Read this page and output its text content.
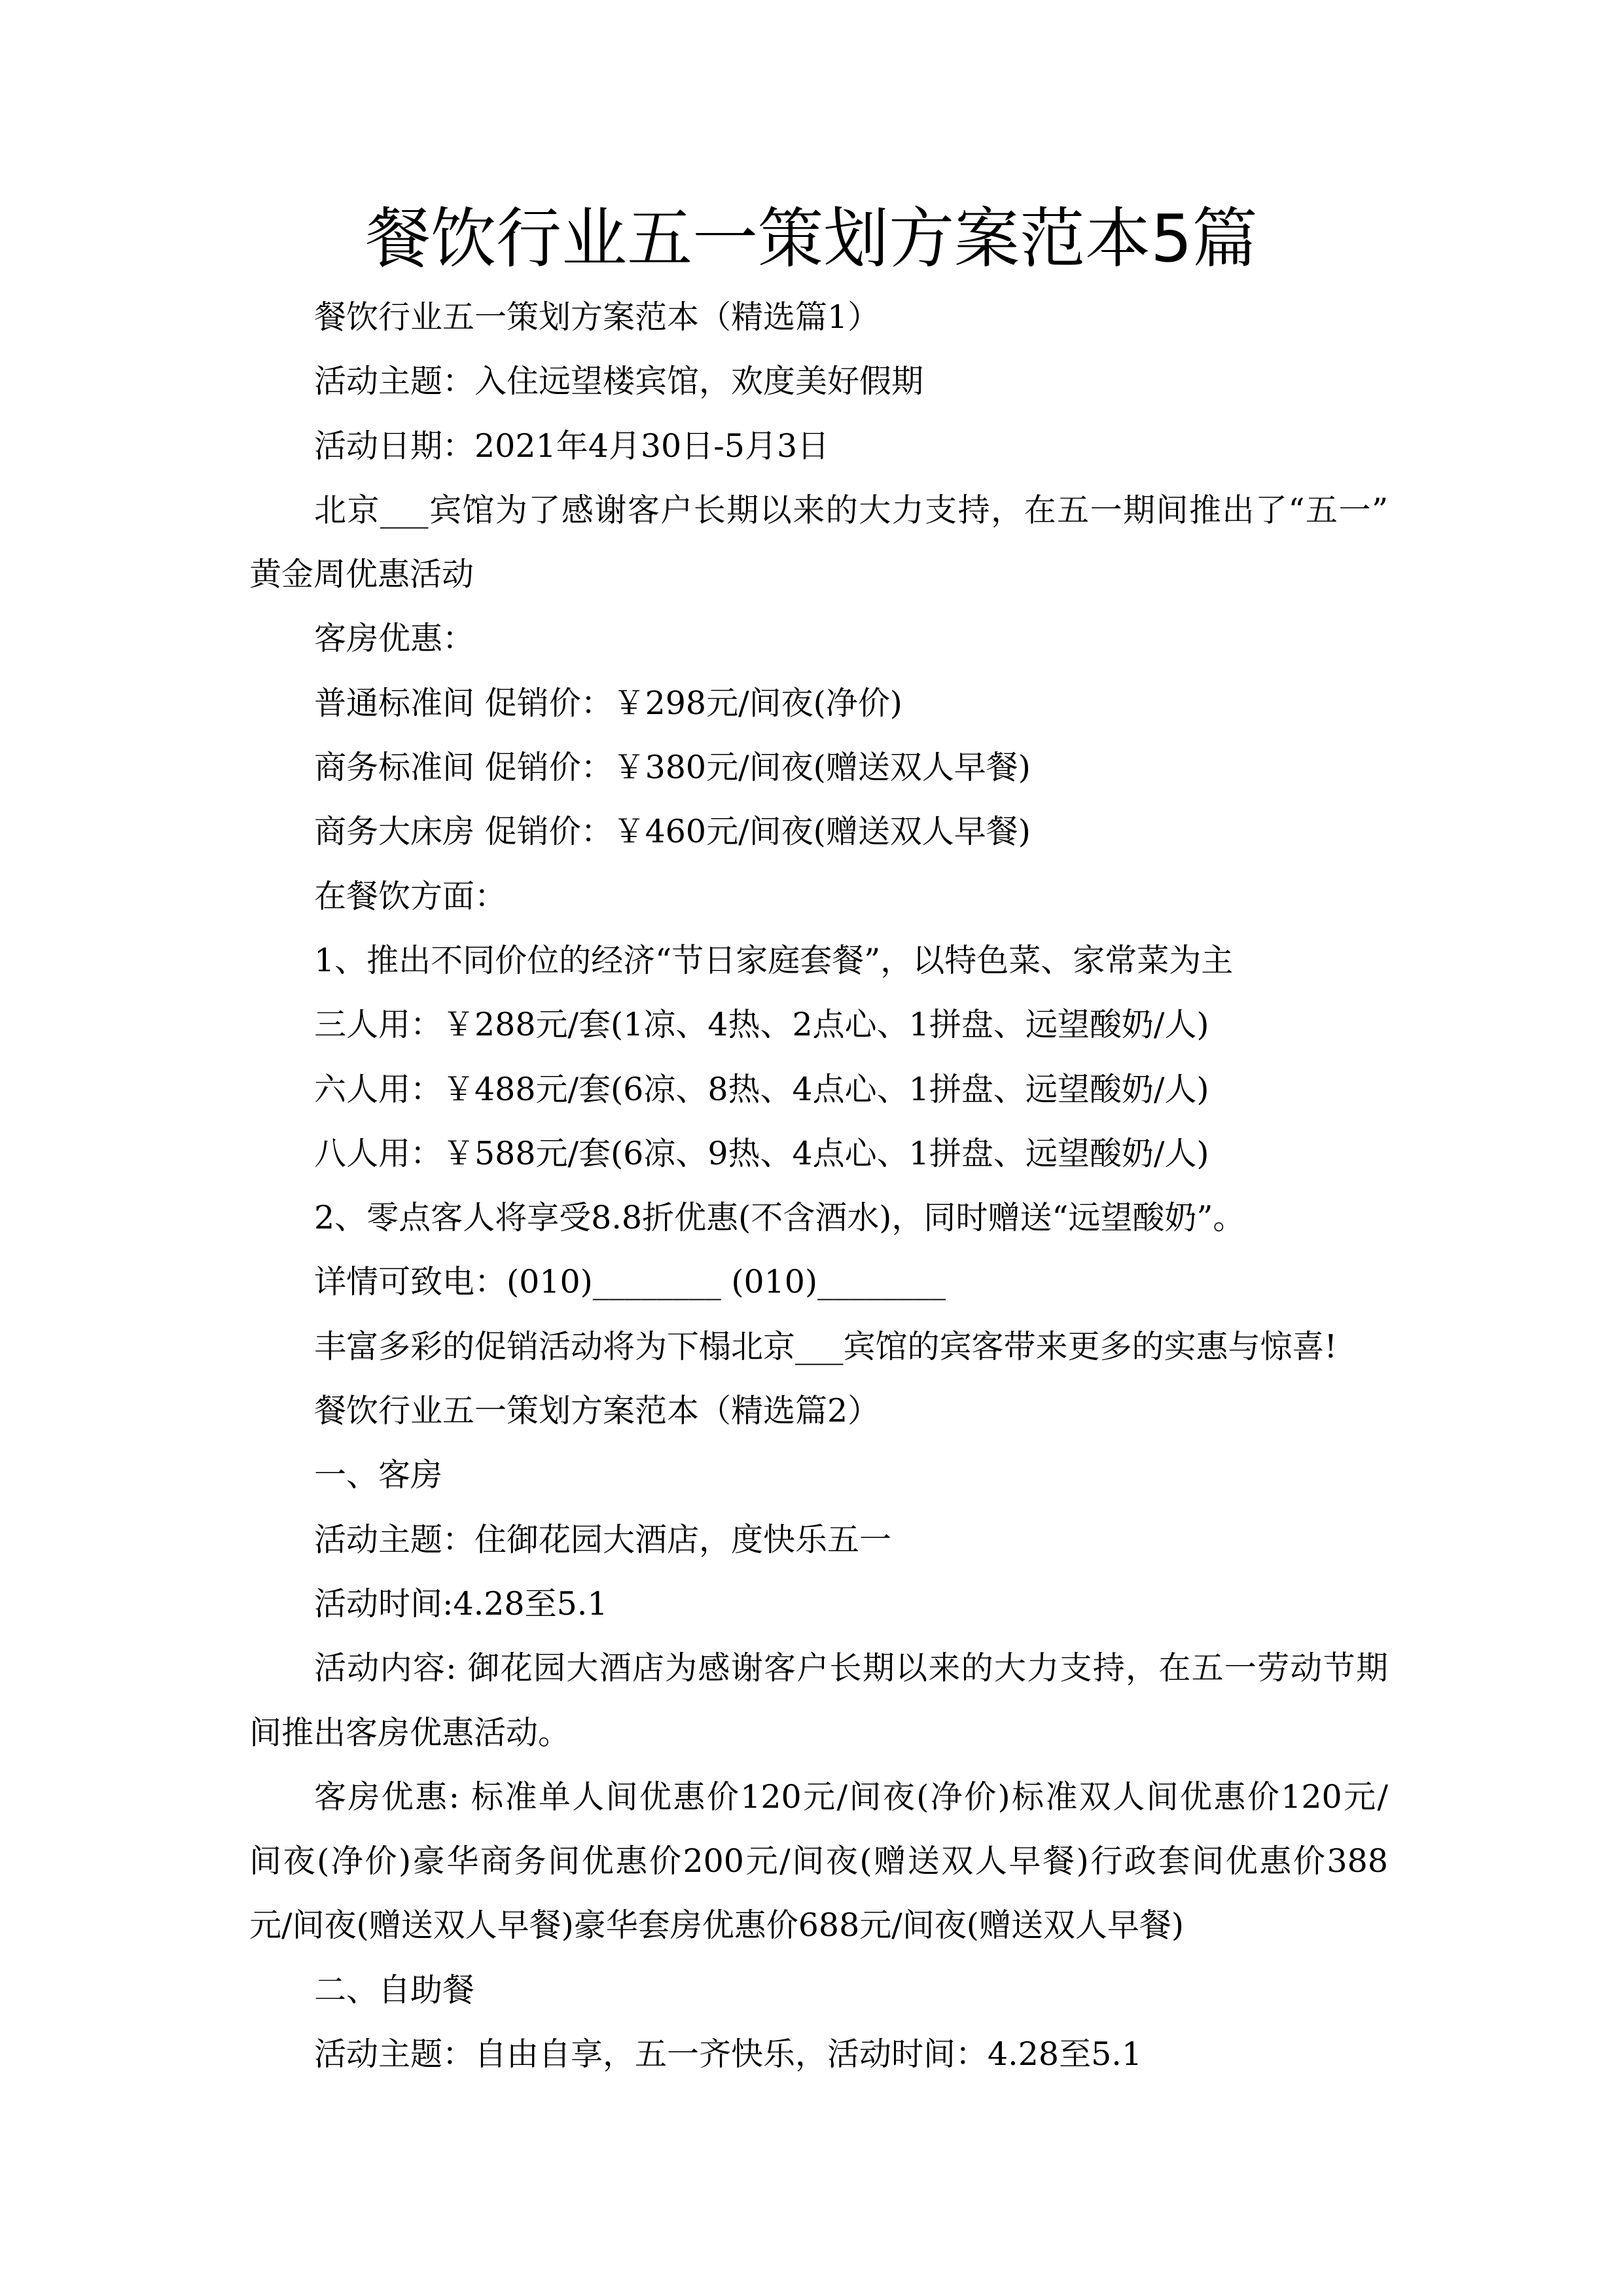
餐饮行业五一策划方案范本5篇
餐饮行业五一策划方案范本（精选篇1）
活动主题：入住远望楼宾馆，欢度美好假期
活动日期：2021年4月30日-5月3日
北京___宾馆为了感谢客户长期以来的大力支持，在五一期间推出了“五一”
黄金周优惠活动
客房优惠：
普通标准间 促销价：￥298元/间夜(净价)
商务标准间 促销价：￥380元/间夜(赠送双人早餐)
商务大床房 促销价：￥460元/间夜(赠送双人早餐)
在餐饮方面：
1、推出不同价位的经济“节日家庭套餐”，以特色菜、家常菜为主
三人用：￥288元/套(1凉、4热、2点心、1拼盘、远望酸奶/人)
六人用：￥488元/套(6凉、8热、4点心、1拼盘、远望酸奶/人)
八人用：￥588元/套(6凉、9热、4点心、1拼盘、远望酸奶/人)
2、零点客人将享受8.8折优惠(不含酒水)，同时赠送“远望酸奶”。
详情可致电：(010)________ (010)________
丰富多彩的促销活动将为下榻北京___宾馆的宾客带来更多的实惠与惊喜!
餐饮行业五一策划方案范本（精选篇2）
一、客房
活动主题：住御花园大酒店，度快乐五一
活动时间:4.28至5.1
活动内容: 御花园大酒店为感谢客户长期以来的大力支持，在五一劳动节期
间推出客房优惠活动。
客房优惠: 标准单人间优惠价120元/间夜(净价)标准双人间优惠价120元/
间夜(净价)豪华商务间优惠价200元/间夜(赠送双人早餐)行政套间优惠价388
元/间夜(赠送双人早餐)豪华套房优惠价688元/间夜(赠送双人早餐)
二、自助餐
活动主题：自由自享，五一齐快乐，活动时间：4.28至5.1
